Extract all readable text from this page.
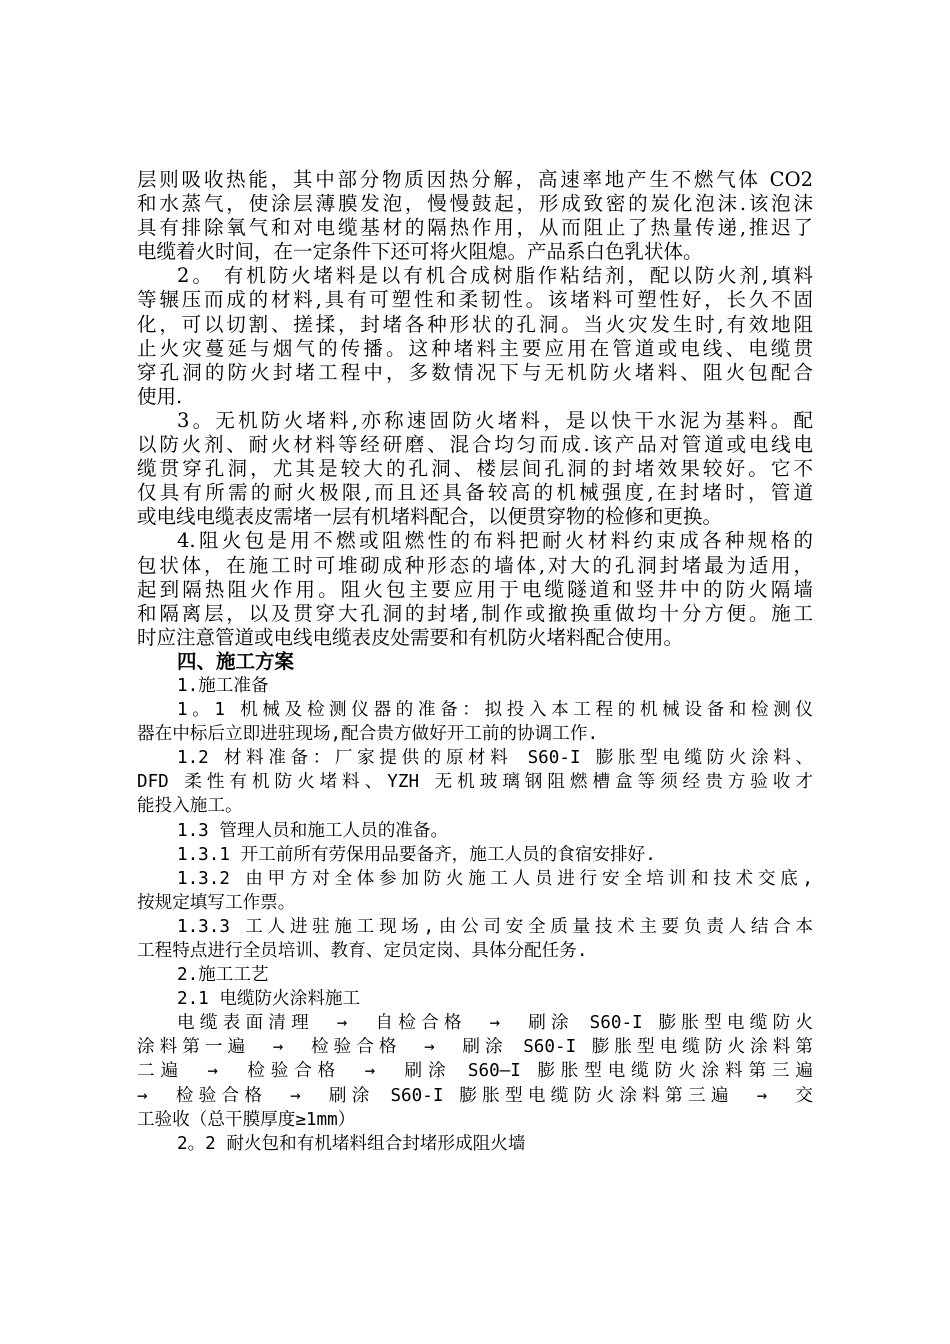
层则吸收热能，其中部分物质因热分解，高速率地产生不燃气体 CO2
和水蒸气，使涂层薄膜发泡，慢慢鼓起，形成致密的炭化泡沫.该泡沫
具有排除氧气和对电缆基材的隔热作用，从而阻止了热量传递,推迟了
电缆着火时间，在一定条件下还可将火阻熄。产品系白色乳状体。
2。 有机防火堵料是以有机合成树脂作粘结剂，配以防火剂,填料
等辗压而成的材料,具有可塑性和柔韧性。该堵料可塑性好，长久不固
化，可以切割、搓揉，封堵各种形状的孔洞。当火灾发生时,有效地阻
止火灾蔓延与烟气的传播。这种堵料主要应用在管道或电线、电缆贯
穿孔洞的防火封堵工程中，多数情况下与无机防火堵料、阻火包配合
使用.
3。无机防火堵料,亦称速固防火堵料，是以快干水泥为基料。配
以防火剂、耐火材料等经研磨、混合均匀而成.该产品对管道或电线电
缆贯穿孔洞，尤其是较大的孔洞、楼层间孔洞的封堵效果较好。它不
仅具有所需的耐火极限,而且还具备较高的机械强度,在封堵时，管道
或电线电缆表皮需堵一层有机堵料配合，以便贯穿物的检修和更换。
4.阻火包是用不燃或阻燃性的布料把耐火材料约束成各种规格的
包状体，在施工时可堆砌成种形态的墙体,对大的孔洞封堵最为适用，
起到隔热阻火作用。阻火包主要应用于电缆隧道和竖井中的防火隔墙
和隔离层，以及贯穿大孔洞的封堵,制作或撤换重做均十分方便。施工
时应注意管道或电线电缆表皮处需要和有机防火堵料配合使用。
四、施工方案
1.施工准备
1。1 机械及检测仪器的准备：拟投入本工程的机械设备和检测仪
器在中标后立即进驻现场,配合贵方做好开工前的协调工作.
1.2 材料准备：厂家提供的原材料 S60-I 膨胀型电缆防火涂料、
DFD 柔性有机防火堵料、YZH 无机玻璃钢阻燃槽盒等须经贵方验收才
能投入施工。
1.3 管理人员和施工人员的准备。
1.3.1 开工前所有劳保用品要备齐，施工人员的食宿安排好.
1.3.2 由甲方对全体参加防火施工人员进行安全培训和技术交底,
按规定填写工作票。
1.3.3 工人进驻施工现场,由公司安全质量技术主要负责人结合本
工程特点进行全员培训、教育、定员定岗、具体分配任务.
2.施工工艺
2.1 电缆防火涂料施工
电缆表面清理　→　自检合格　→　刷涂 S60-I 膨胀型电缆防火
涂料第一遍　→　检验合格　→　刷涂 S60-I 膨胀型电缆防火涂料第
二遍　→　检验合格　→　刷涂 S60—I 膨胀型电缆防火涂料第三遍
→　检验合格　→　刷涂 S60-I 膨胀型电缆防火涂料第三遍　→　交
工验收（总干膜厚度≥1mm）
2。2 耐火包和有机堵料组合封堵形成阻火墙
